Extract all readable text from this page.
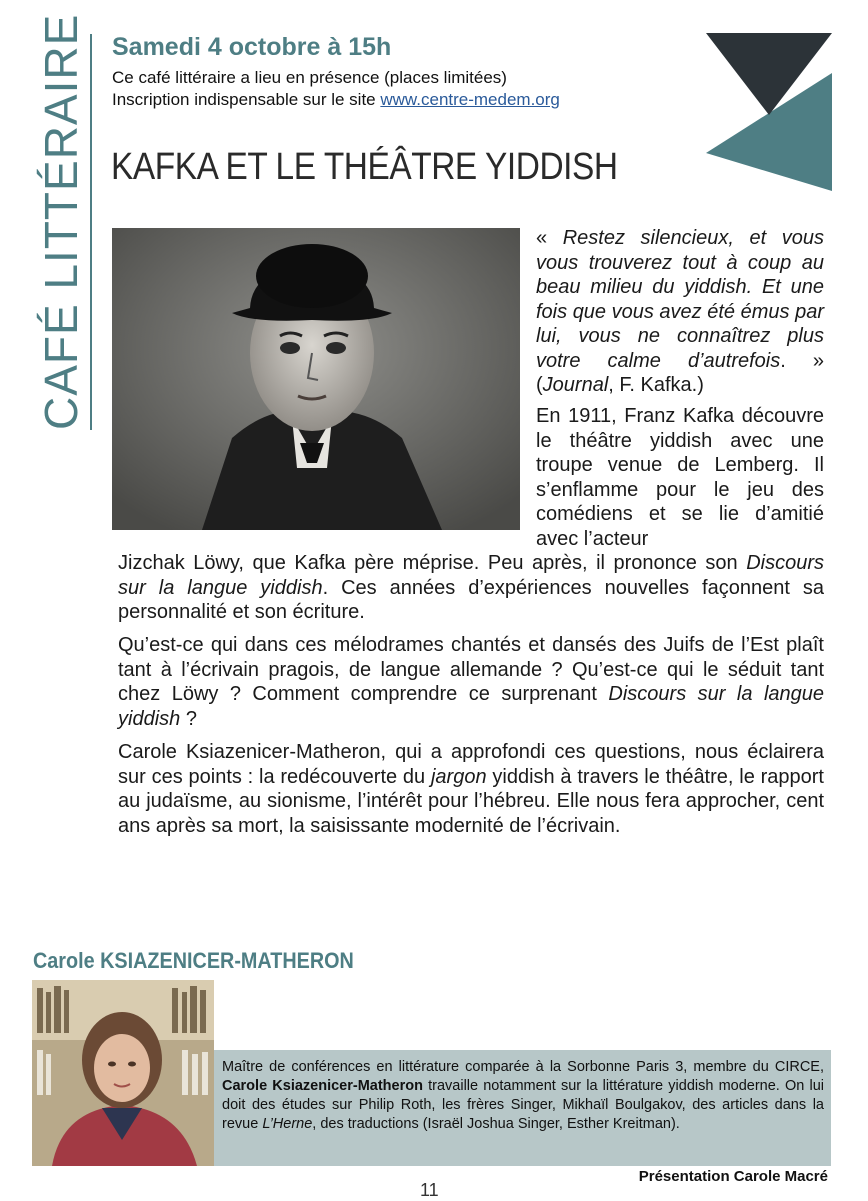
CAFÉ LITTÉRAIRE Samedi 4 octobre à 15h
Ce café littéraire a lieu en présence (places limitées)
Inscription indispensable sur le site www.centre-medem.org
KAFKA ET LE THÉÂTRE YIDDISH
« Restez silencieux, et vous vous trouverez tout à coup au beau milieu du yiddish. Et une fois que vous avez été émus par lui, vous ne connaîtrez plus votre calme d’autrefois. » (Journal, F. Kafka.)
En 1911, Franz Kafka découvre le théâtre yiddish avec une troupe venue de Lemberg. Il s’enflamme pour le jeu des comédiens et se lie d’amitié avec l’acteur
Jizchak Löwy, que Kafka père méprise. Peu après, il prononce son Discours sur la langue yiddish. Ces années d’expériences nouvelles façonnent sa personnalité et son écriture.
Qu’est-ce qui dans ces mélodrames chantés et dansés des Juifs de l’Est plaît tant à l’écrivain pragois, de langue allemande ? Qu’est-ce qui le séduit tant chez Löwy ? Comment comprendre ce surprenant Discours sur la langue yiddish ?
Carole Ksiazenicer-Matheron, qui a approfondi ces questions, nous éclairera sur ces points : la redécouverte du jargon yiddish à travers le théâtre, le rapport au judaïsme, au sionisme, l’intérêt pour l’hébreu. Elle nous fera approcher, cent ans après sa mort, la saisissante modernité de l’écrivain.
Carole KSIAZENICER-MATHERON
Maître de conférences en littérature comparée à la Sorbonne Paris 3, membre du CIRCE, Carole Ksiazenicer-Matheron travaille notamment sur la littérature yiddish moderne. On lui doit des études sur Philip Roth, les frères Singer, Mikhaïl Boulgakov, des articles dans la revue L’Herne, des traductions (Israël Joshua Singer, Esther Kreitman).
Présentation Carole Macré
11
